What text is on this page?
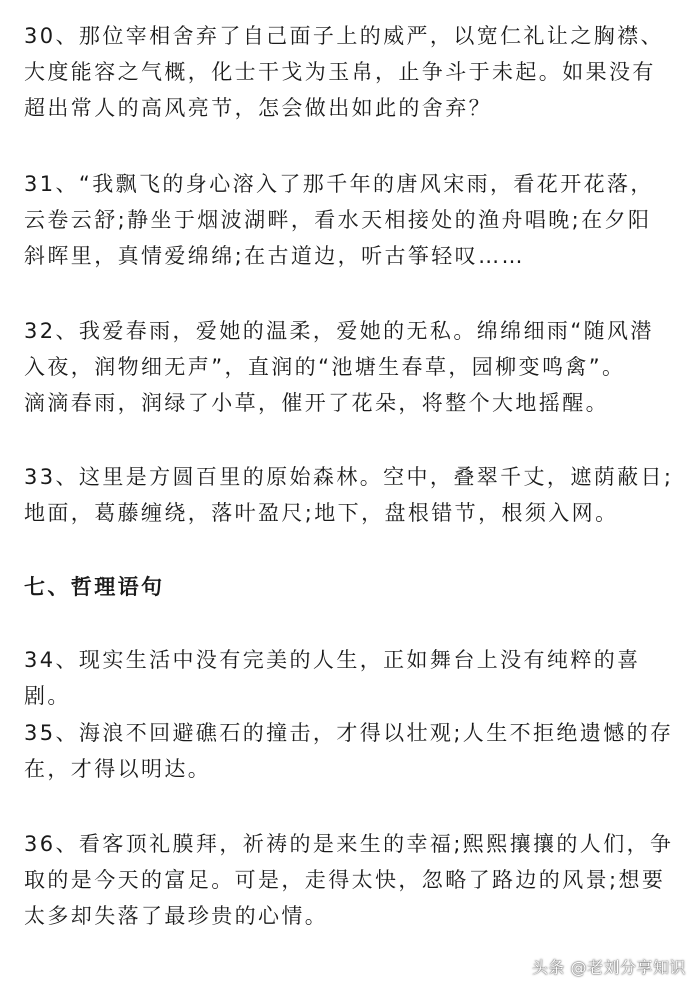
30、那位宰相舍弃了自己面子上的威严，以宽仁礼让之胸襟、
大度能容之气概，化士干戈为玉帛，止争斗于未起。如果没有
超出常人的高风亮节，怎会做出如此的舍弃？
31、“我飘飞的身心溶入了那千年的唐风宋雨，看花开花落，
云卷云舒;静坐于烟波湖畔，看水天相接处的渔舟唱晚;在夕阳
斜晖里，真情爱绵绵;在古道边，听古筝轻叹……
32、我爱春雨，爱她的温柔，爱她的无私。绵绵细雨“随风潜
入夜，润物细无声”，直润的“池塘生春草，园柳变鸣禽”。
滴滴春雨，润绿了小草，催开了花朵，将整个大地摇醒。
33、这里是方圆百里的原始森林。空中，叠翠千丈，遮荫蔽日;
地面，葛藤缠绕，落叶盈尺;地下，盘根错节，根须入网。
七、哲理语句
34、现实生活中没有完美的人生，正如舞台上没有纯粹的喜剧。
35、海浪不回避礁石的撞击，才得以壮观;人生不拒绝遗憾的存
在，才得以明达。
36、看客顶礼膜拜，祈祷的是来生的幸福;熙熙攘攘的人们，争
取的是今天的富足。可是，走得太快，忽略了路边的风景;想要
太多却失落了最珍贵的心情。
头条 @老刘分享知识
